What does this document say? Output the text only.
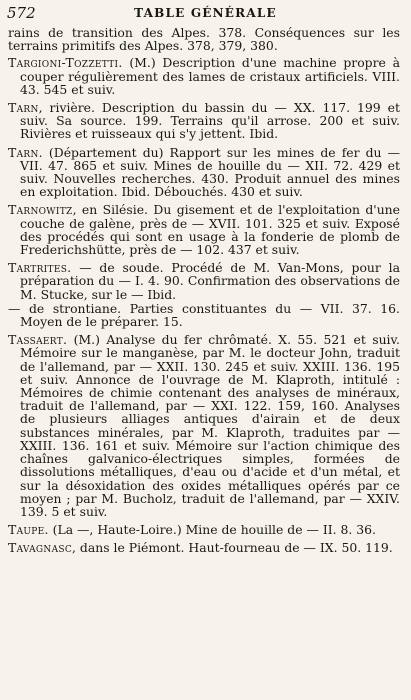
572	TABLE GÉNÉRALE

rains de transition des Alpes. 378. Conséquences sur les terrains primitifs des Alpes. 378, 379, 380.

Targioni-Tozzetti. (M.) Description d'une machine propre à couper régulièrement des lames de cristaux artificiels. VIII. 43. 545 et suiv.

Tarn, rivière. Description du bassin du — XX. 117. 199 et suiv. Sa source. 199. Terrains qu'il arrose. 200 et suiv. Rivières et ruisseaux qui s'y jettent. Ibid.

Tarn. (Département du) Rapport sur les mines de fer du — VII. 47. 865 et suiv. Mines de houille du — XII. 72. 429 et suiv. Nouvelles recherches. 430. Produit annuel des mines en exploitation. Ibid. Débouchés. 430 et suiv.

Tarnowitz, en Silésie. Du gisement et de l'exploitation d'une couche de galène, près de — XVII. 101. 325 et suiv. Exposé des procédés qui sont en usage à la fonderie de plomb de Frederichshütte, près de — 102. 437 et suiv.

Tartrites. — de soude. Procédé de M. Van-Mons, pour la préparation du — I. 4. 90. Confirmation des observations de M. Stucke, sur le — Ibid.

— de strontiane. Parties constituantes du — VII. 37. 16. Moyen de le préparer. 15.

Tassaert. (M.) Analyse du fer chrômaté. X. 55. 521 et suiv. Mémoire sur le manganèse, par M. le docteur John, traduit de l'allemand, par — XXII. 130. 245 et suiv. XXIII. 136. 195 et suiv. Annonce de l'ouvrage de M. Klaproth, intitulé : Mémoires de chimie contenant des analyses de minéraux, traduit de l'allemand, par — XXI. 122. 159, 160. Analyses de plusieurs alliages antiques d'airain et de deux substances minérales, par M. Klaproth, traduites par — XXIII. 136. 161 et suiv. Mémoire sur l'action chimique des chaînes galvanico-électriques simples, formées de dissolutions métalliques, d'eau ou d'acide et d'un métal, et sur la désoxidation des oxides métalliques opérés par ce moyen ; par M. Bucholz, traduit de l'allemand, par — XXIV. 139. 5 et suiv.

Taupe. (La —, Haute-Loire.) Mine de houille de — II. 8. 36.

Tavagnasc, dans le Piémont. Haut-fourneau de — IX. 50. 119.
